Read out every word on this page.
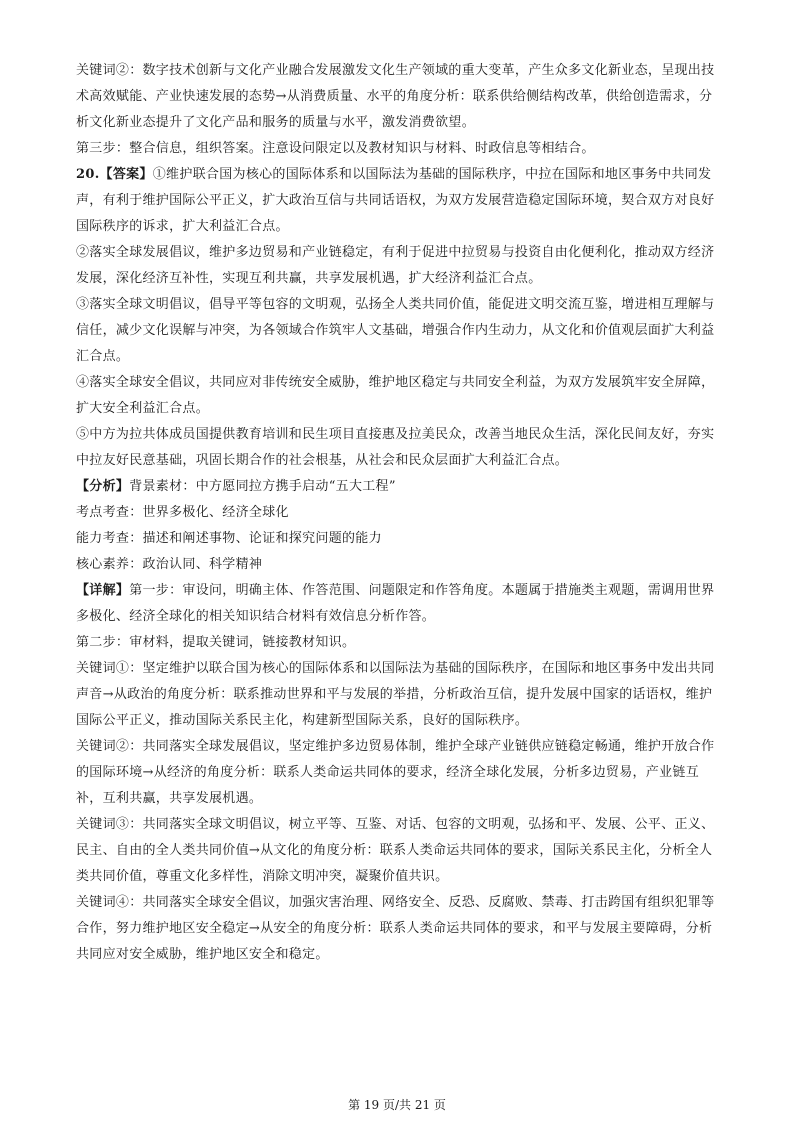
关键词②：数字技术创新与文化产业融合发展激发文化生产领域的重大变革，产生众多文化新业态，呈现出技术高效赋能、产业快速发展的态势→从消费质量、水平的角度分析：联系供给侧结构改革，供给创造需求，分析文化新业态提升了文化产品和服务的质量与水平，激发消费欲望。

第三步：整合信息，组织答案。注意设问限定以及教材知识与材料、时政信息等相结合。

20.【答案】①维护联合国为核心的国际体系和以国际法为基础的国际秩序，中拉在国际和地区事务中共同发声，有利于维护国际公平正义，扩大政治互信与共同话语权，为双方发展营造稳定国际环境，契合双方对良好国际秩序的诉求，扩大利益汇合点。

②落实全球发展倡议，维护多边贸易和产业链稳定，有利于促进中拉贸易与投资自由化便利化，推动双方经济发展，深化经济互补性，实现互利共赢，共享发展机遇，扩大经济利益汇合点。

③落实全球文明倡议，倡导平等包容的文明观，弘扬全人类共同价值，能促进文明交流互鉴，增进相互理解与信任，减少文化误解与冲突，为各领域合作筑牢人文基础，增强合作内生动力，从文化和价值观层面扩大利益汇合点。

④落实全球安全倡议，共同应对非传统安全威胁，维护地区稳定与共同安全利益，为双方发展筑牢安全屏障，扩大安全利益汇合点。

⑤中方为拉共体成员国提供教育培训和民生项目直接惠及拉美民众，改善当地民众生活，深化民间友好，夯实中拉友好民意基础，巩固长期合作的社会根基，从社会和民众层面扩大利益汇合点。

【分析】背景素材：中方愿同拉方携手启动“五大工程”

考点考查：世界多极化、经济全球化

能力考查：描述和阐述事物、论证和探究问题的能力

核心素养：政治认同、科学精神

【详解】第一步：审设问，明确主体、作答范围、问题限定和作答角度。本题属于措施类主观题，需调用世界多极化、经济全球化的相关知识结合材料有效信息分析作答。

第二步：审材料，提取关键词，链接教材知识。

关键词①：坚定维护以联合国为核心的国际体系和以国际法为基础的国际秩序，在国际和地区事务中发出共同声音→从政治的角度分析：联系推动世界和平与发展的举措，分析政治互信，提升发展中国家的话语权，维护国际公平正义，推动国际关系民主化，构建新型国际关系，良好的国际秩序。

关键词②：共同落实全球发展倡议，坚定维护多边贸易体制，维护全球产业链供应链稳定畅通，维护开放合作的国际环境→从经济的角度分析：联系人类命运共同体的要求，经济全球化发展，分析多边贸易，产业链互补，互利共赢，共享发展机遇。

关键词③：共同落实全球文明倡议，树立平等、互鉴、对话、包容的文明观，弘扬和平、发展、公平、正义、民主、自由的全人类共同价值→从文化的角度分析：联系人类命运共同体的要求，国际关系民主化，分析全人类共同价值，尊重文化多样性，消除文明冲突，凝聚价值共识。

关键词④：共同落实全球安全倡议，加强灾害治理、网络安全、反恐、反腐败、禁毒、打击跨国有组织犯罪等合作，努力维护地区安全稳定→从安全的角度分析：联系人类命运共同体的要求，和平与发展主要障碍，分析共同应对安全威胁，维护地区安全和稳定。

第 19 页/共 21 页
